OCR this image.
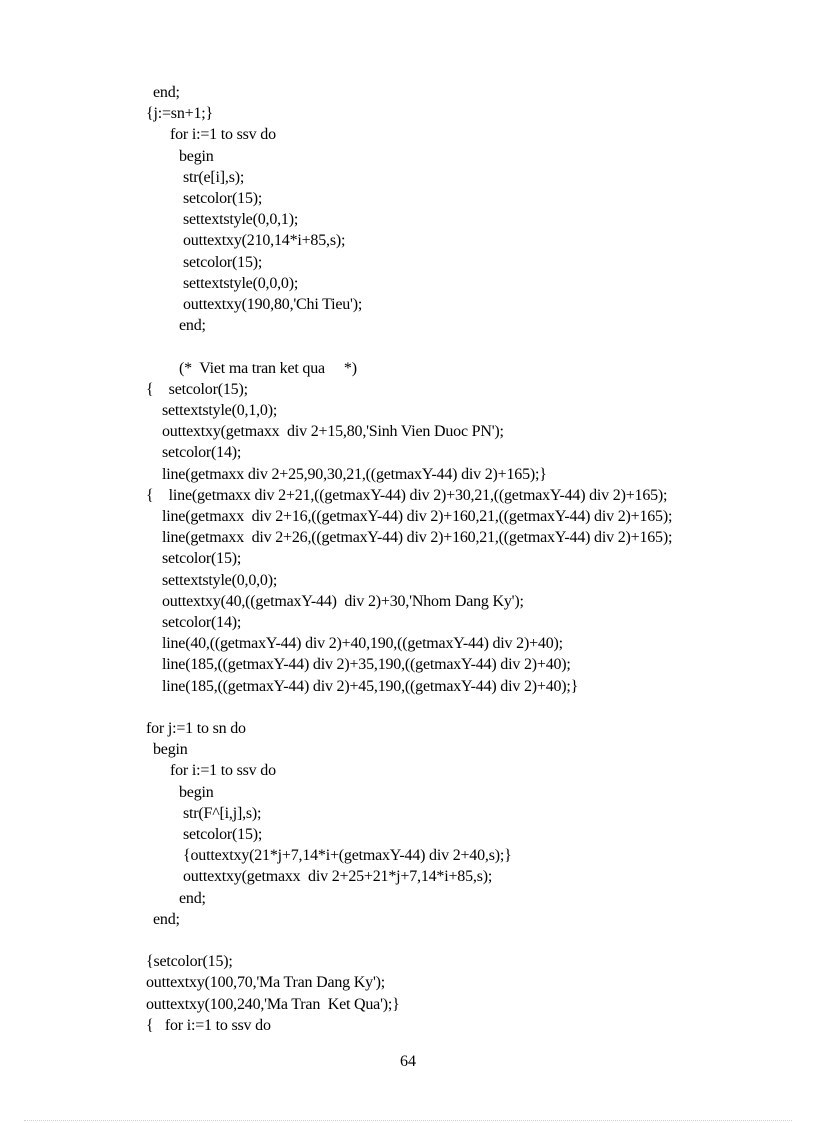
end;
{j:=sn+1;}
for i:=1 to ssv do
begin
str(e[i],s);
setcolor(15);
settextstyle(0,0,1);
outtextxy(210,14*i+85,s);
setcolor(15);
settextstyle(0,0,0);
outtextxy(190,80,'Chi Tieu');
end;
(*  Viet ma tran ket qua     *)
{    setcolor(15);
settextstyle(0,1,0);
outtextxy(getmaxx  div 2+15,80,'Sinh Vien Duoc PN');
setcolor(14);
line(getmaxx div 2+25,90,30,21,((getmaxY-44) div 2)+165);}
{    line(getmaxx div 2+21,((getmaxY-44) div 2)+30,21,((getmaxY-44) div 2)+165);
line(getmaxx  div 2+16,((getmaxY-44) div 2)+160,21,((getmaxY-44) div 2)+165);
line(getmaxx  div 2+26,((getmaxY-44) div 2)+160,21,((getmaxY-44) div 2)+165);
setcolor(15);
settextstyle(0,0,0);
outtextxy(40,((getmaxY-44)  div 2)+30,'Nhom Dang Ky');
setcolor(14);
line(40,((getmaxY-44) div 2)+40,190,((getmaxY-44) div 2)+40);
line(185,((getmaxY-44) div 2)+35,190,((getmaxY-44) div 2)+40);
line(185,((getmaxY-44) div 2)+45,190,((getmaxY-44) div 2)+40);}
for j:=1 to sn do
begin
for i:=1 to ssv do
begin
str(F^[i,j],s);
setcolor(15);
{outtextxy(21*j+7,14*i+(getmaxY-44) div 2+40,s);}
outtextxy(getmaxx  div 2+25+21*j+7,14*i+85,s);
end;
end;
{setcolor(15);
outtextxy(100,70,'Ma Tran Dang Ky');
outtextxy(100,240,'Ma Tran  Ket Qua');}
{   for i:=1 to ssv do
64
